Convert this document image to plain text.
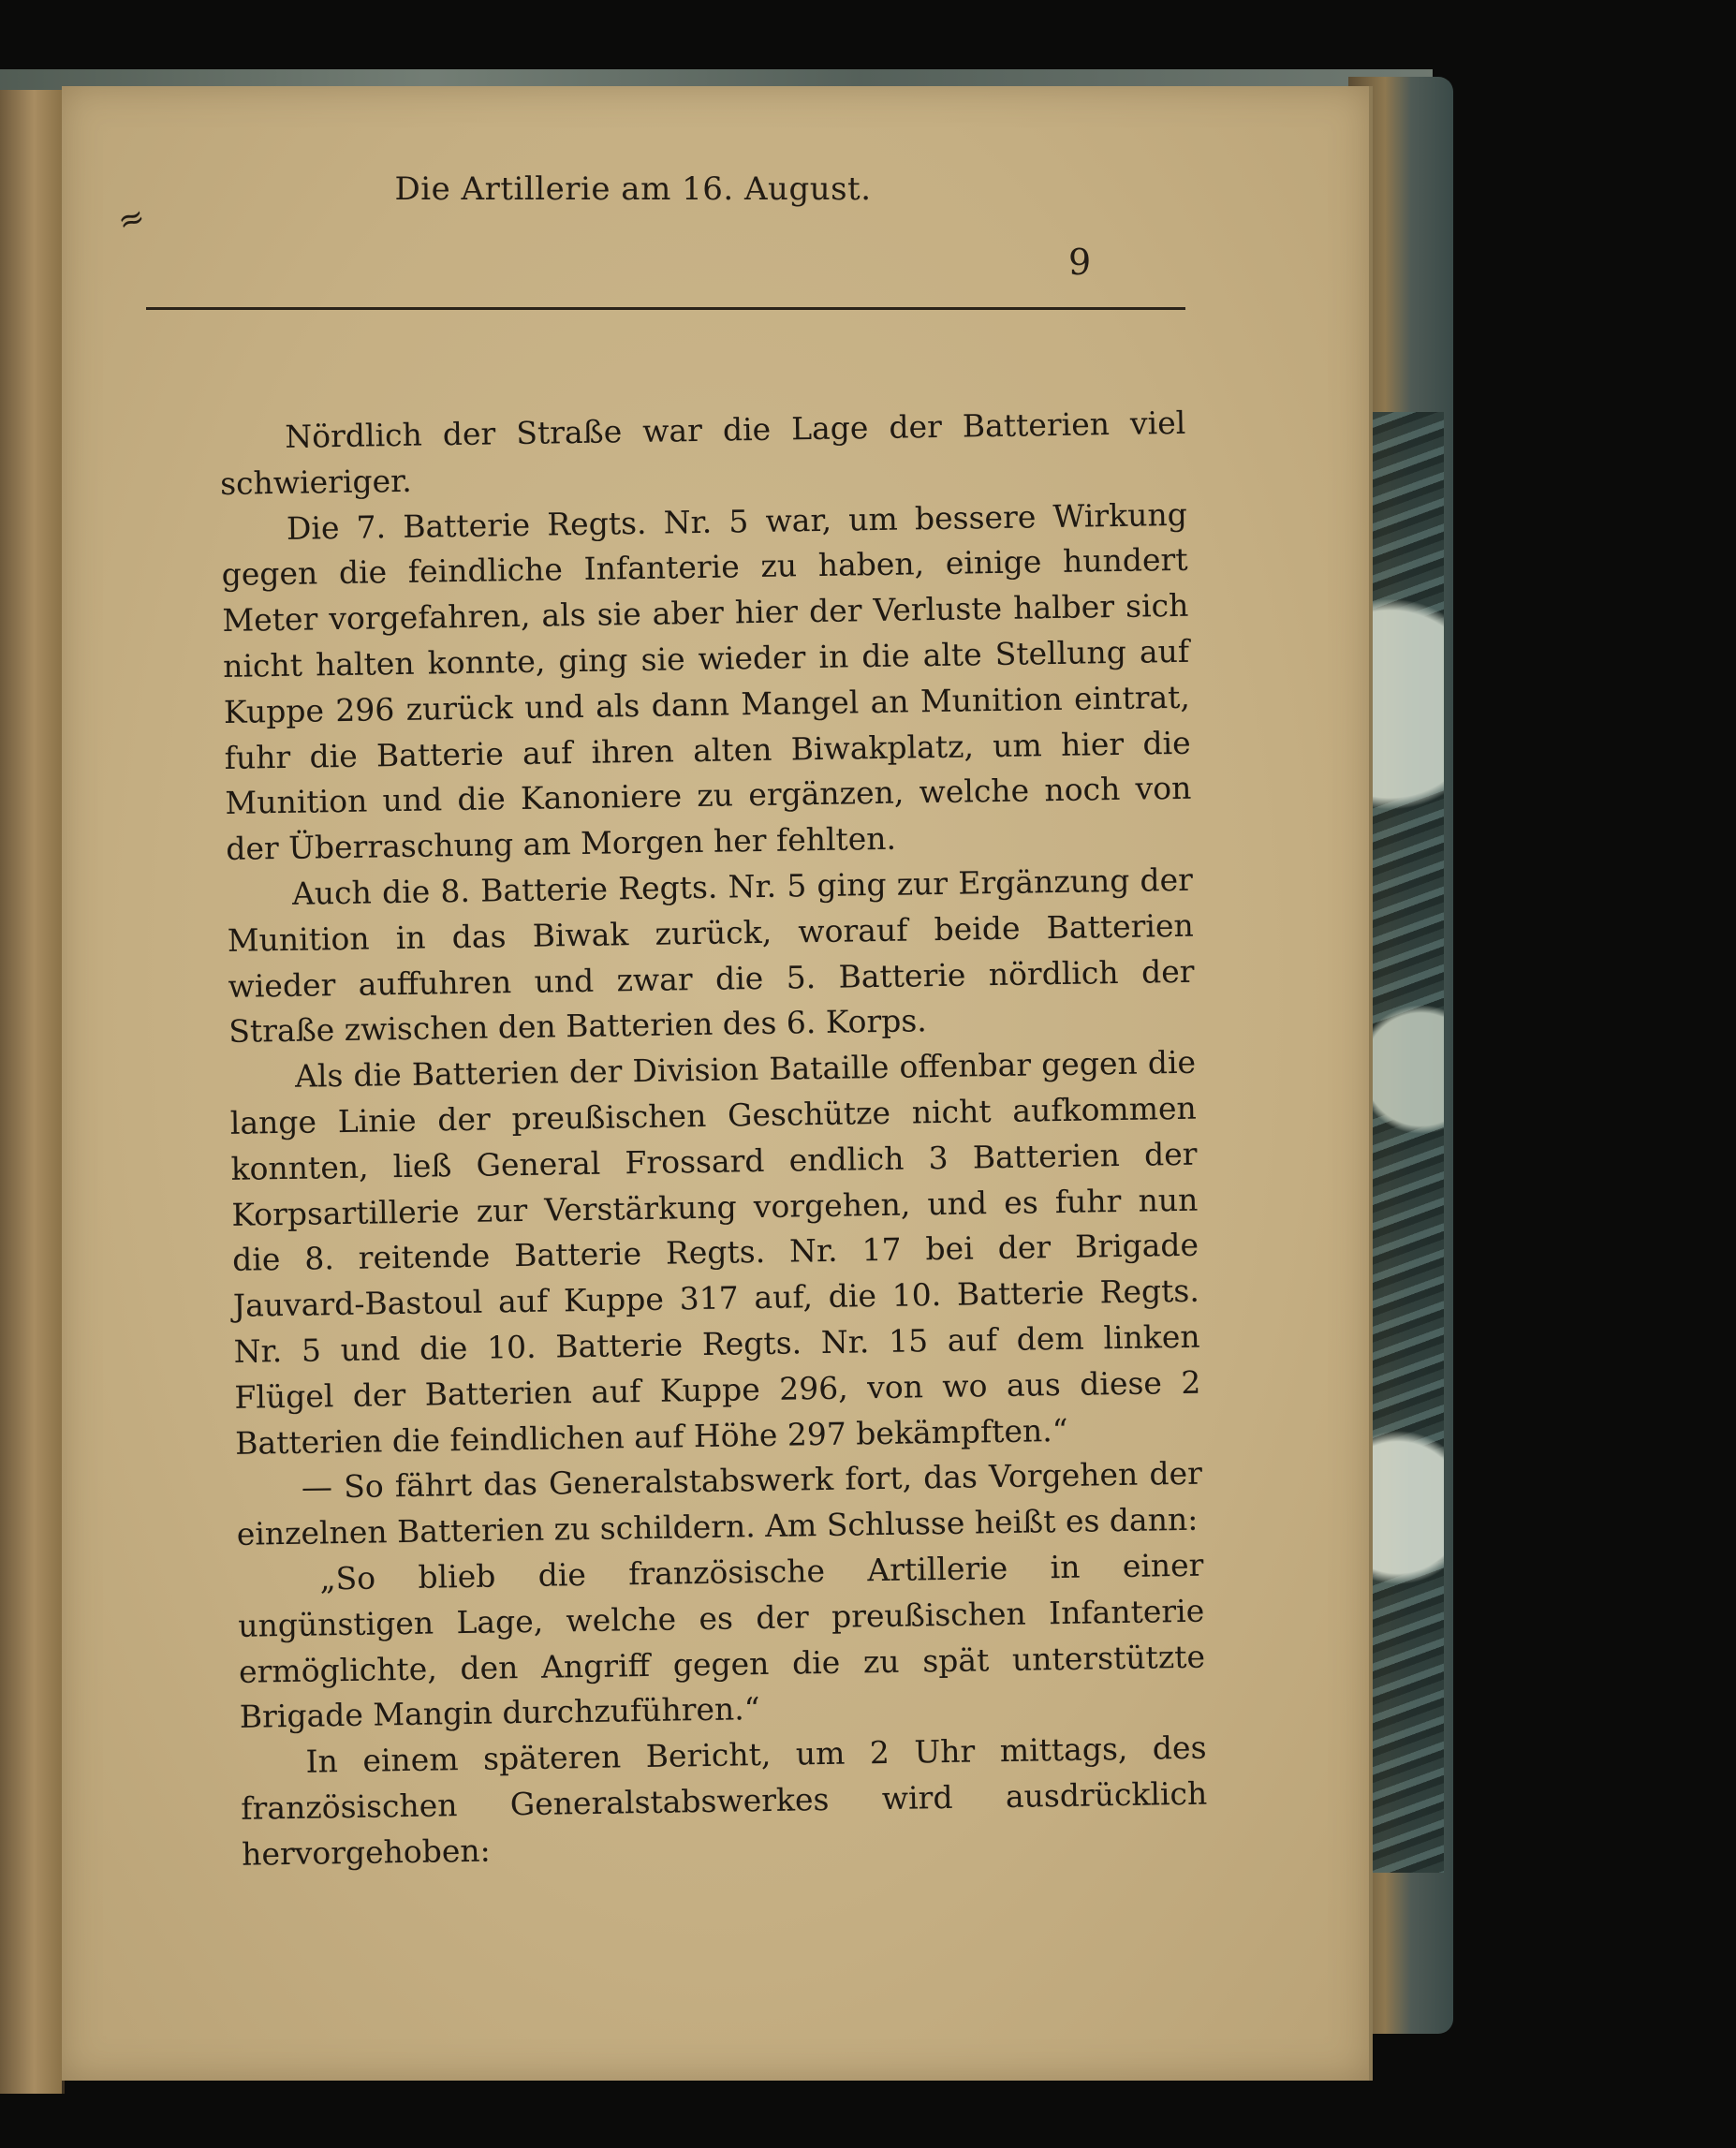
≈
Die Artillerie am 16. August.
9

Nördlich der Straße war die Lage der Batterien viel schwieriger.

Die 7. Batterie Regts. Nr. 5 war, um bessere Wirkung gegen die feindliche Infanterie zu haben, einige hundert Meter vorgefahren, als sie aber hier der Verluste halber sich nicht halten konnte, ging sie wieder in die alte Stellung auf Kuppe 296 zurück und als dann Mangel an Munition eintrat, fuhr die Batterie auf ihren alten Biwakplatz, um hier die Munition und die Kanoniere zu ergänzen, welche noch von der Überraschung am Morgen her fehlten.

Auch die 8. Batterie Regts. Nr. 5 ging zur Ergänzung der Munition in das Biwak zurück, worauf beide Batterien wieder auffuhren und zwar die 5. Batterie nördlich der Straße zwischen den Batterien des 6. Korps.

Als die Batterien der Division Bataille offenbar gegen die lange Linie der preußischen Geschütze nicht aufkommen konnten, ließ General Frossard endlich 3 Batterien der Korpsartillerie zur Verstärkung vorgehen, und es fuhr nun die 8. reitende Batterie Regts. Nr. 17 bei der Brigade Jauvard-Bastoul auf Kuppe 317 auf, die 10. Batterie Regts. Nr. 5 und die 10. Batterie Regts. Nr. 15 auf dem linken Flügel der Batterien auf Kuppe 296, von wo aus diese 2 Batterien die feindlichen auf Höhe 297 bekämpften.“

— So fährt das Generalstabswerk fort, das Vorgehen der einzelnen Batterien zu schildern. Am Schlusse heißt es dann:

„So blieb die französische Artillerie in einer ungünstigen Lage, welche es der preußischen Infanterie ermöglichte, den Angriff gegen die zu spät unterstützte Brigade Mangin durchzuführen.“

In einem späteren Bericht, um 2 Uhr mittags, des französischen Generalstabswerkes wird ausdrücklich hervorgehoben:
